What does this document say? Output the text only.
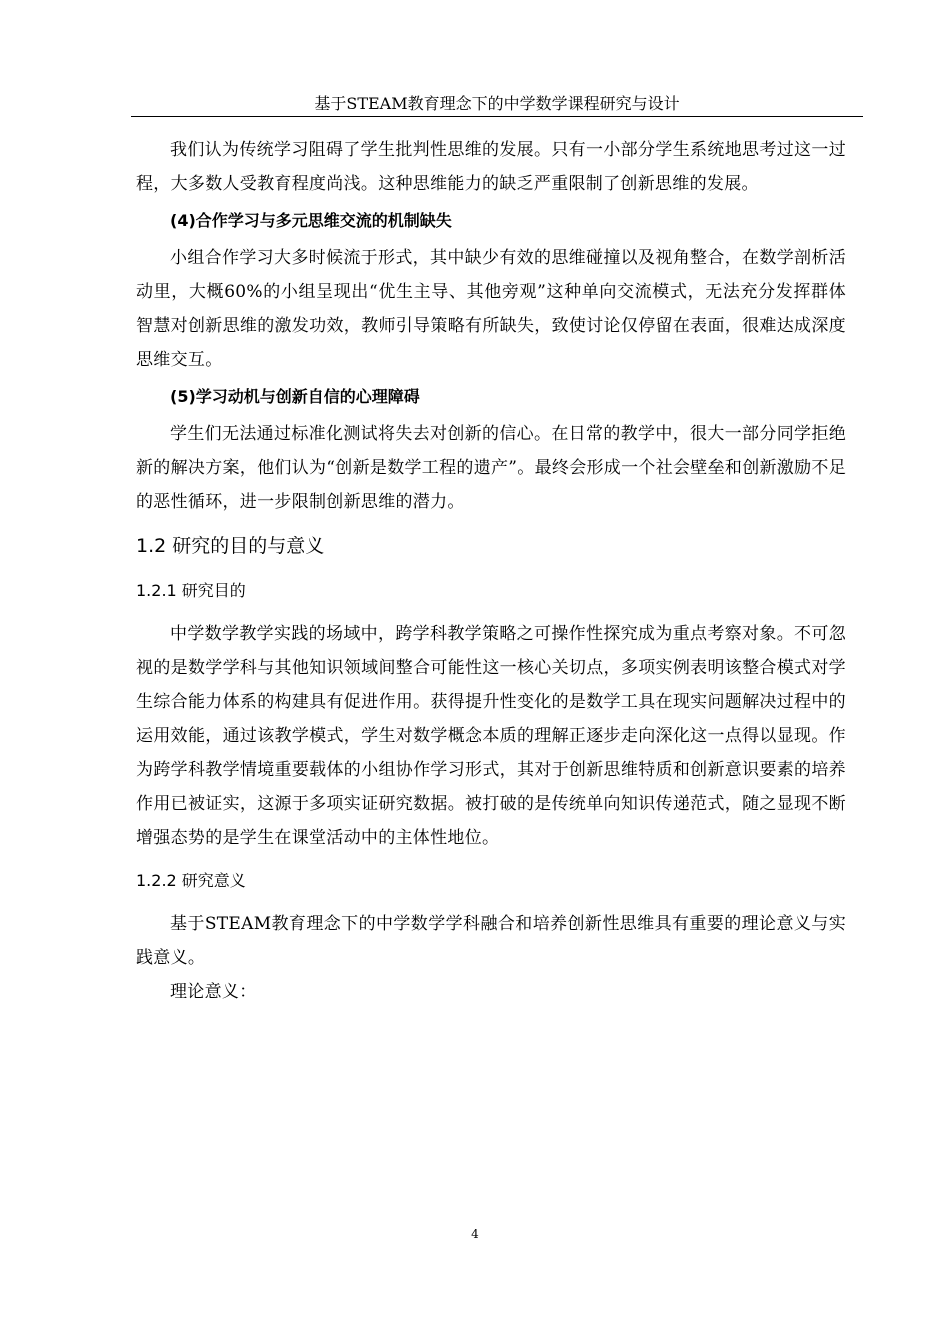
基于STEAM教育理念下的中学数学课程研究与设计

我们认为传统学习阻碍了学生批判性思维的发展。只有一小部分学生系统地思考过这一过程，大多数人受教育程度尚浅。这种思维能力的缺乏严重限制了创新思维的发展。

(4)合作学习与多元思维交流的机制缺失

小组合作学习大多时候流于形式，其中缺少有效的思维碰撞以及视角整合，在数学剖析活动里，大概60%的小组呈现出“优生主导、其他旁观”这种单向交流模式，无法充分发挥群体智慧对创新思维的激发功效，教师引导策略有所缺失，致使讨论仅停留在表面，很难达成深度思维交互。

(5)学习动机与创新自信的心理障碍

学生们无法通过标准化测试将失去对创新的信心。在日常的教学中，很大一部分同学拒绝新的解决方案，他们认为“创新是数学工程的遗产”。最终会形成一个社会壁垒和创新激励不足的恶性循环，进一步限制创新思维的潜力。

1.2 研究的目的与意义
1.2.1 研究目的

中学数学教学实践的场域中，跨学科教学策略之可操作性探究成为重点考察对象。不可忽视的是数学学科与其他知识领域间整合可能性这一核心关切点，多项实例表明该整合模式对学生综合能力体系的构建具有促进作用。获得提升性变化的是数学工具在现实问题解决过程中的运用效能，通过该教学模式，学生对数学概念本质的理解正逐步走向深化这一点得以显现。作为跨学科教学情境重要载体的小组协作学习形式，其对于创新思维特质和创新意识要素的培养作用已被证实，这源于多项实证研究数据。被打破的是传统单向知识传递范式，随之显现不断增强态势的是学生在课堂活动中的主体性地位。

1.2.2 研究意义

基于STEAM教育理念下的中学数学学科融合和培养创新性思维具有重要的理论意义与实践意义。

理论意义：

4
